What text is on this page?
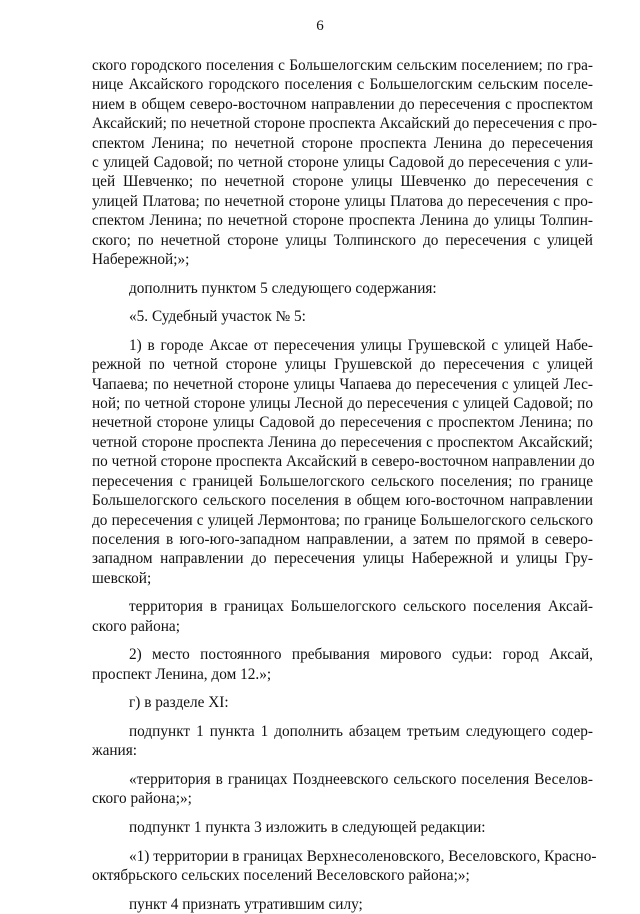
6
ского городского поселения с Большелогским сельским поселением; по гра-
нице Аксайского городского поселения с Большелогским сельским поселе-
нием в общем северо-восточном направлении до пересечения с проспектом
Аксайский; по нечетной стороне проспекта Аксайский до пересечения с про-
спектом Ленина; по нечетной стороне проспекта Ленина до пересечения
с улицей Садовой; по четной стороне улицы Садовой до пересечения с ули-
цей Шевченко; по нечетной стороне улицы Шевченко до пересечения с
улицей Платова; по нечетной стороне улицы Платова до пересечения с про-
спектом Ленина; по нечетной стороне проспекта Ленина до улицы Толпин-
ского; по нечетной стороне улицы Толпинского до пересечения с улицей
Набережной;»;
дополнить пунктом 5 следующего содержания:
«5. Судебный участок № 5:
1) в городе Аксае от пересечения улицы Грушевской с улицей Набе-
режной по четной стороне улицы Грушевской до пересечения с улицей
Чапаева; по нечетной стороне улицы Чапаева до пересечения с улицей Лес-
ной; по четной стороне улицы Лесной до пересечения с улицей Садовой; по
нечетной стороне улицы Садовой до пересечения с проспектом Ленина; по
четной стороне проспекта Ленина до пересечения с проспектом Аксайский;
по четной стороне проспекта Аксайский в северо-восточном направлении до
пересечения с границей Большелогского сельского поселения; по границе
Большелогского сельского поселения в общем юго-восточном направлении
до пересечения с улицей Лермонтова; по границе Большелогского сельского
поселения в юго-юго-западном направлении, а затем по прямой в северо-
западном направлении до пересечения улицы Набережной и улицы Гру-
шевской;
территория в границах Большелогского сельского поселения Аксай-
ского района;
2) место постоянного пребывания мирового судьи: город Аксай,
проспект Ленина, дом 12.»;
г) в разделе XI:
подпункт 1 пункта 1 дополнить абзацем третьим следующего содер-
жания:
«территория в границах Позднеевского сельского поселения Веселов-
ского района;»;
подпункт 1 пункта 3 изложить в следующей редакции:
«1) территории в границах Верхнесоленовского, Веселовского, Красно-
октябрьского сельских поселений Веселовского района;»;
пункт 4 признать утратившим силу;
